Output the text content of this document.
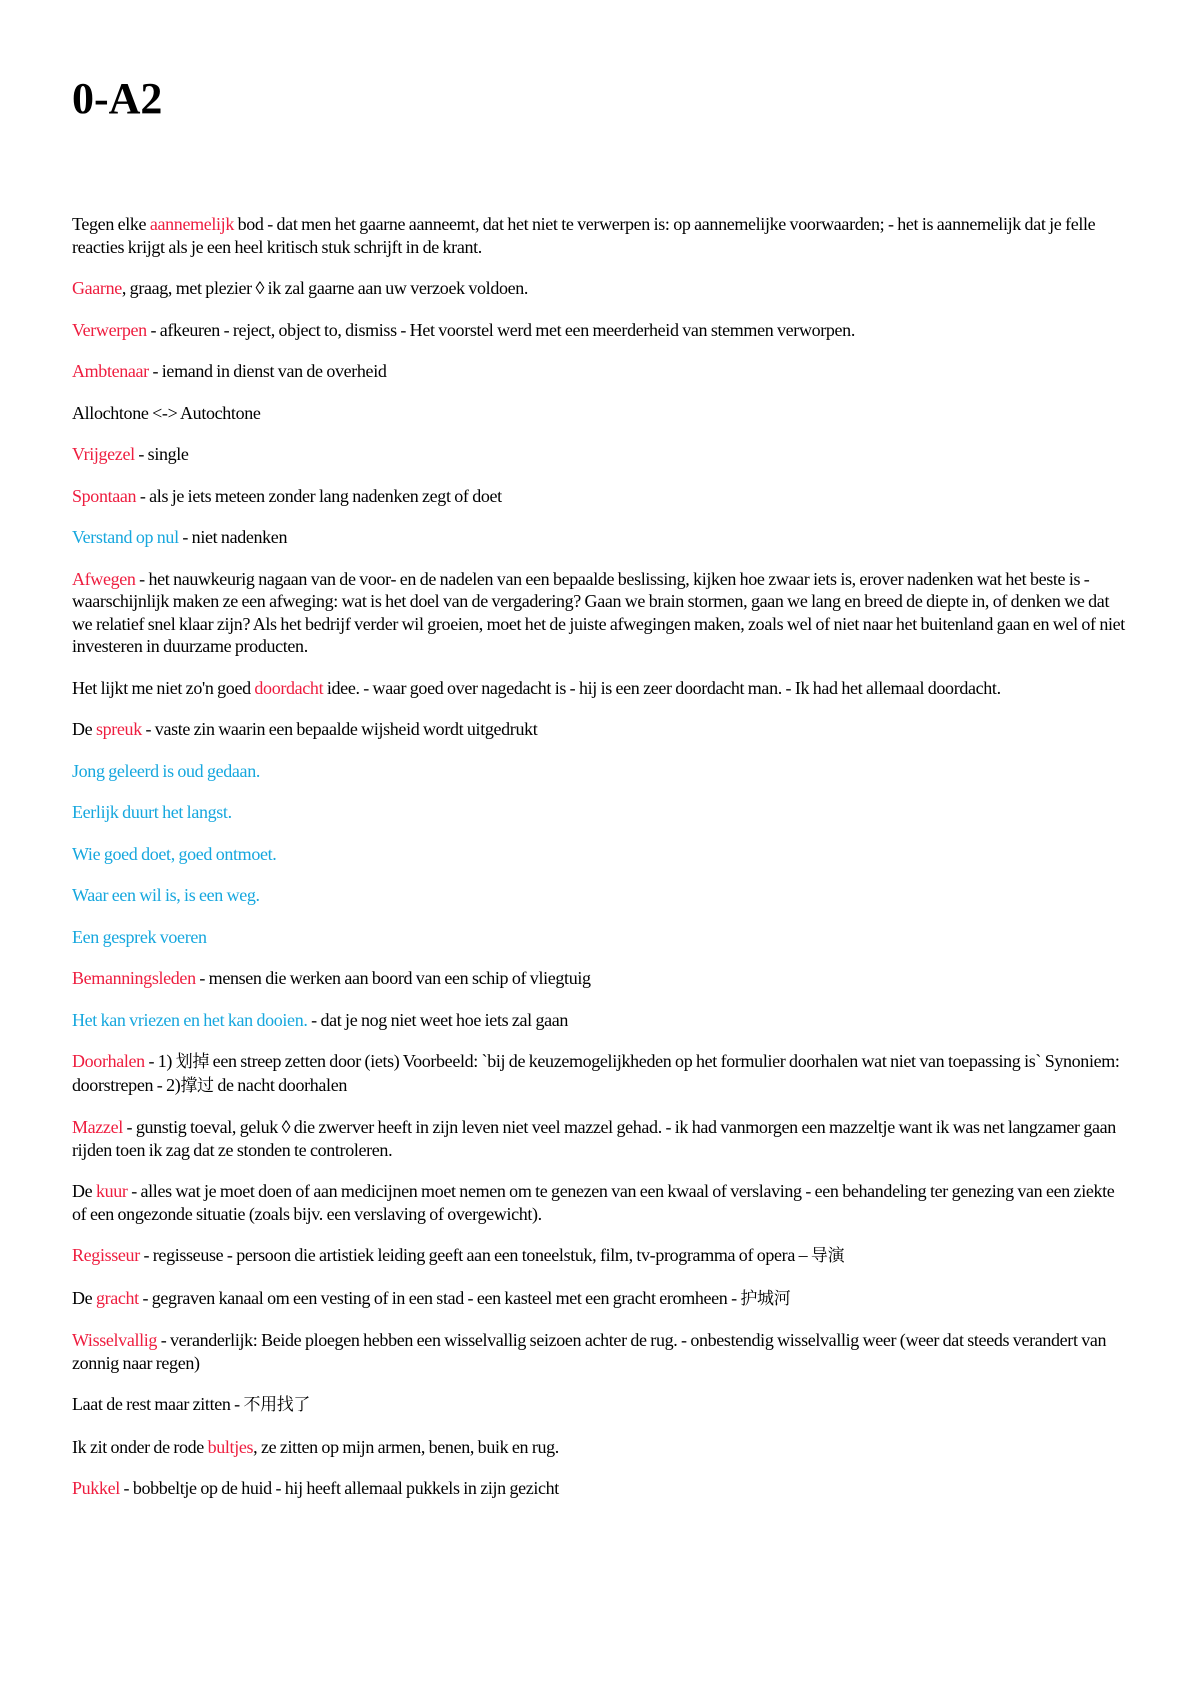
0-A2

Tegen elke aannemelijk bod - dat men het gaarne aanneemt, dat het niet te verwerpen is: op aannemelijke voorwaarden; - het is aannemelijk dat je felle reacties krijgt als je een heel kritisch stuk schrijft in de krant.

Gaarne, graag, met plezier ◊ ik zal gaarne aan uw verzoek voldoen.

Verwerpen - afkeuren - reject, object to, dismiss - Het voorstel werd met een meerderheid van stemmen verworpen.

Ambtenaar - iemand in dienst van de overheid

Allochtone <-> Autochtone

Vrijgezel - single

Spontaan - als je iets meteen zonder lang nadenken zegt of doet

Verstand op nul - niet nadenken

Afwegen - het nauwkeurig nagaan van de voor- en de nadelen van een bepaalde beslissing, kijken hoe zwaar iets is, erover nadenken wat het beste is - waarschijnlijk maken ze een afweging: wat is het doel van de vergadering? Gaan we brain stormen, gaan we lang en breed de diepte in, of denken we dat we relatief snel klaar zijn? Als het bedrijf verder wil groeien, moet het de juiste afwegingen maken, zoals wel of niet naar het buitenland gaan en wel of niet investeren in duurzame producten.

Het lijkt me niet zo'n goed doordacht idee. - waar goed over nagedacht is - hij is een zeer doordacht man. - Ik had het allemaal doordacht.

De spreuk - vaste zin waarin een bepaalde wijsheid wordt uitgedrukt

Jong geleerd is oud gedaan.

Eerlijk duurt het langst.

Wie goed doet, goed ontmoet.

Waar een wil is, is een weg.

Een gesprek voeren

Bemanningsleden - mensen die werken aan boord van een schip of vliegtuig

Het kan vriezen en het kan dooien. - dat je nog niet weet hoe iets zal gaan

Doorhalen - 1) 划掉 een streep zetten door (iets) Voorbeeld: `bij de keuzemogelijkheden op het formulier doorhalen wat niet van toepassing is` Synoniem: doorstrepen - 2)撑过 de nacht doorhalen

Mazzel - gunstig toeval, geluk ◊ die zwerver heeft in zijn leven niet veel mazzel gehad. - ik had vanmorgen een mazzeltje want ik was net langzamer gaan rijden toen ik zag dat ze stonden te controleren.

De kuur - alles wat je moet doen of aan medicijnen moet nemen om te genezen van een kwaal of verslaving - een behandeling ter genezing van een ziekte of een ongezonde situatie (zoals bijv. een verslaving of overgewicht).

Regisseur - regisseuse - persoon die artistiek leiding geeft aan een toneelstuk, film, tv-programma of opera – 导演

De gracht - gegraven kanaal om een vesting of in een stad - een kasteel met een gracht eromheen - 护城河

Wisselvallig - veranderlijk: Beide ploegen hebben een wisselvallig seizoen achter de rug. - onbestendig wisselvallig weer (weer dat steeds verandert van zonnig naar regen)

Laat de rest maar zitten - 不用找了

Ik zit onder de rode bultjes, ze zitten op mijn armen, benen, buik en rug.

Pukkel - bobbeltje op de huid - hij heeft allemaal pukkels in zijn gezicht
